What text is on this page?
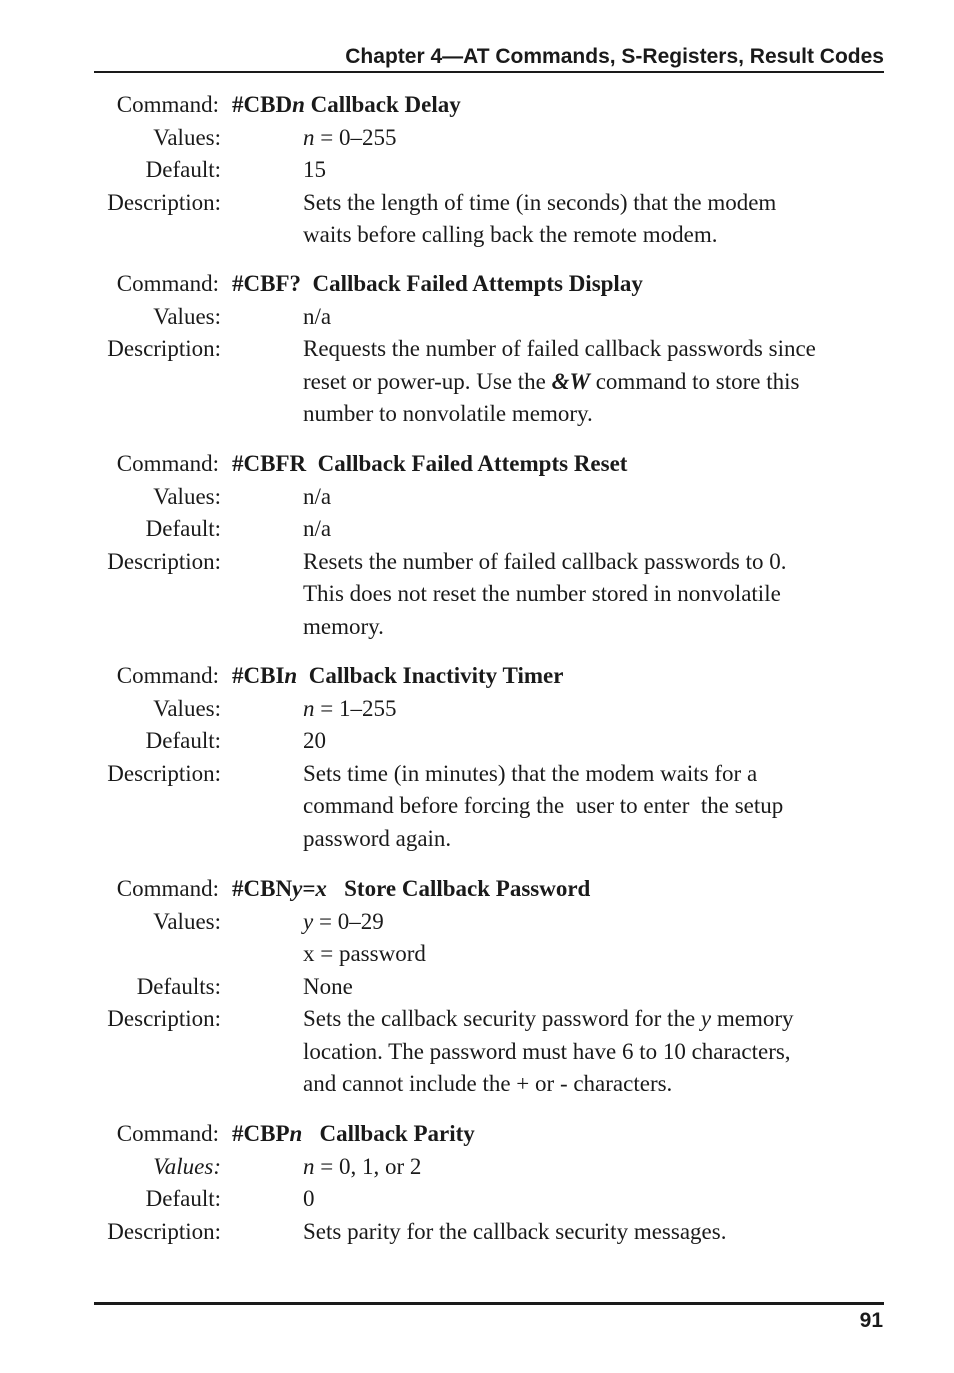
Chapter 4—AT Commands, S-Registers, Result Codes
Command: #CBDn Callback Delay
Values:	n = 0–255
Default:	15
Description:	Sets the length of time (in seconds) that the modem
waits before calling back the remote modem.
Command: #CBF? Callback Failed Attempts Display
Values:	n/a
Description:	Requests the number of failed callback passwords since
reset or power-up. Use the &W command to store this
number to nonvolatile memory.
Command: #CBFR Callback Failed Attempts Reset
Values:	n/a
Default:	n/a
Description:	Resets the number of failed callback passwords to 0.
This does not reset the number stored in nonvolatile
memory.
Command: #CBIn Callback Inactivity Timer
Values:	n = 1–255
Default:	20
Description:	Sets time (in minutes) that the modem waits for a
command before forcing the  user to enter  the setup
password again.
Command: #CBNy=x Store Callback Password
Values:	y = 0–29
x = password
Defaults:	None
Description:	Sets the callback security password for the y memory
location. The password must have 6 to 10 characters,
and cannot include the + or - characters.
Command: #CBPn Callback Parity
Values:	n = 0, 1, or 2
Default:	0
Description:	Sets parity for the callback security messages.
91
